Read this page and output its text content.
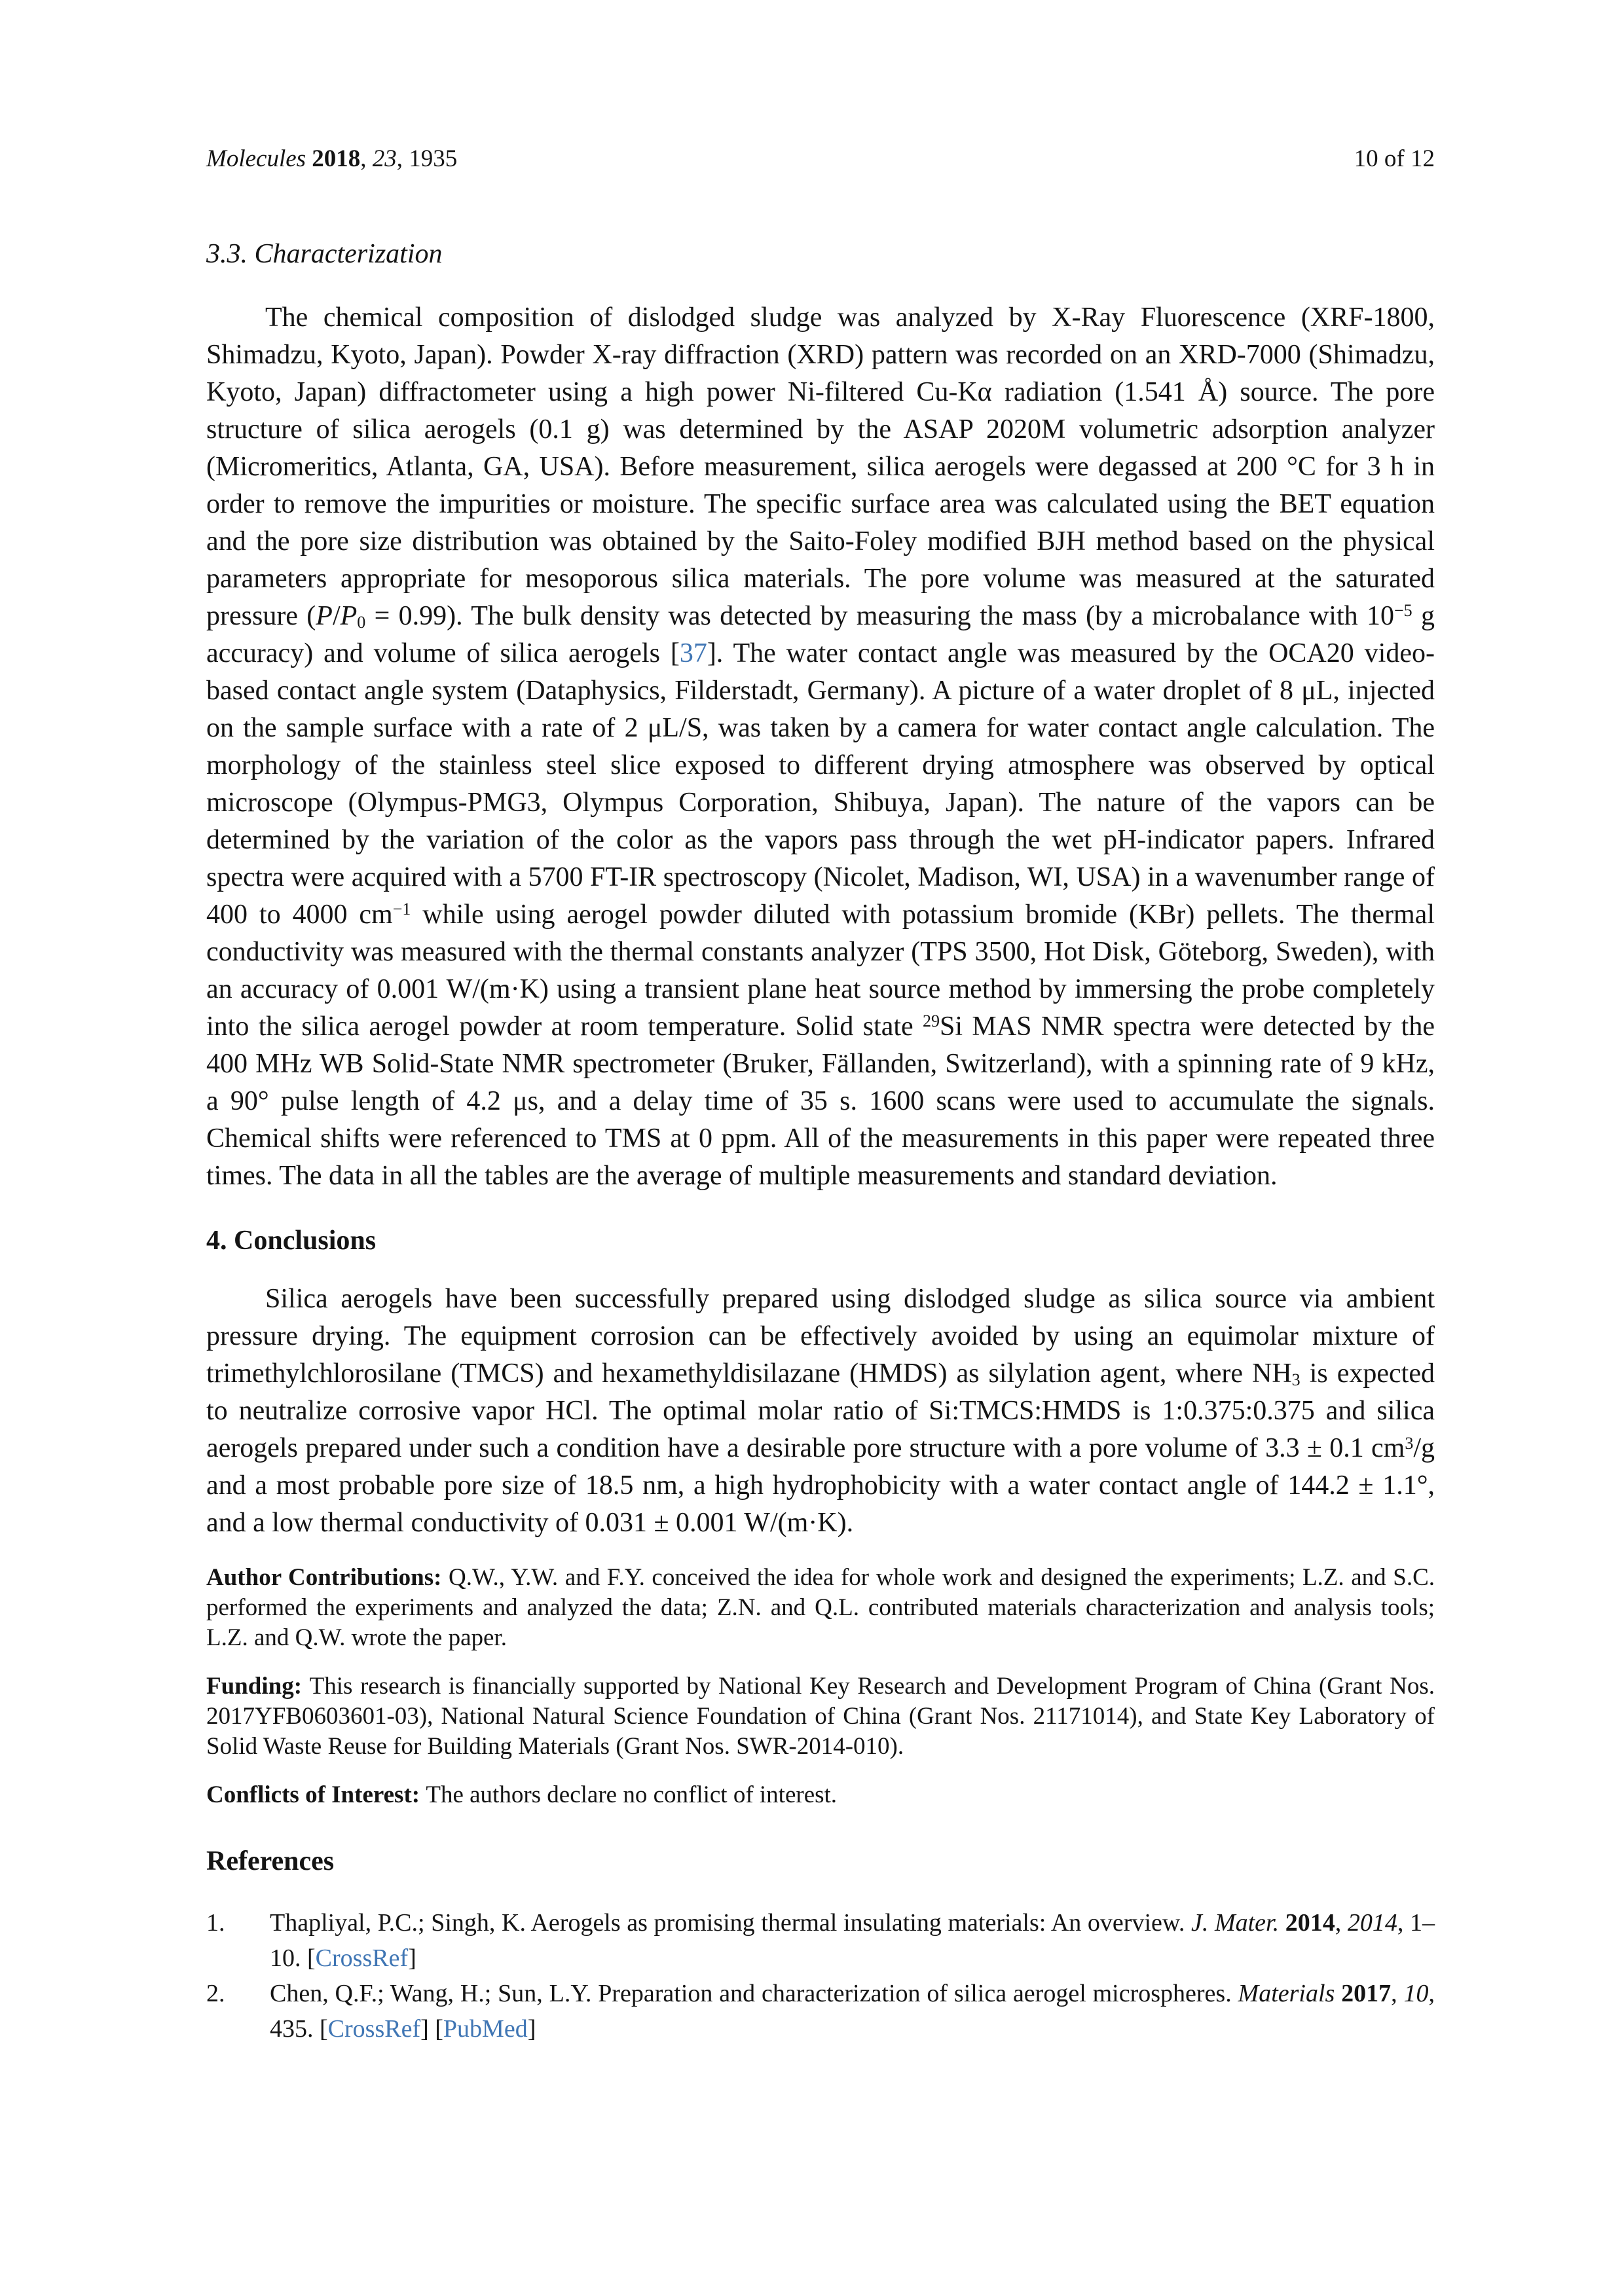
Molecules 2018, 23, 1935	10 of 12
3.3. Characterization

The chemical composition of dislodged sludge was analyzed by X-Ray Fluorescence (XRF-1800, Shimadzu, Kyoto, Japan). Powder X-ray diffraction (XRD) pattern was recorded on an XRD-7000 (Shimadzu, Kyoto, Japan) diffractometer using a high power Ni-filtered Cu-Kα radiation (1.541 Å) source. The pore structure of silica aerogels (0.1 g) was determined by the ASAP 2020M volumetric adsorption analyzer (Micromeritics, Atlanta, GA, USA). Before measurement, silica aerogels were degassed at 200 °C for 3 h in order to remove the impurities or moisture. The specific surface area was calculated using the BET equation and the pore size distribution was obtained by the Saito-Foley modified BJH method based on the physical parameters appropriate for mesoporous silica materials. The pore volume was measured at the saturated pressure (P/P0 = 0.99). The bulk density was detected by measuring the mass (by a microbalance with $10^{-5}$ g accuracy) and volume of silica aerogels [37]. The water contact angle was measured by the OCA20 video-based contact angle system (Dataphysics, Filderstadt, Germany). A picture of a water droplet of 8 μL, injected on the sample surface with a rate of 2 μL/S, was taken by a camera for water contact angle calculation. The morphology of the stainless steel slice exposed to different drying atmosphere was observed by optical microscope (Olympus-PMG3, Olympus Corporation, Shibuya, Japan). The nature of the vapors can be determined by the variation of the color as the vapors pass through the wet pH-indicator papers. Infrared spectra were acquired with a 5700 FT-IR spectroscopy (Nicolet, Madison, WI, USA) in a wavenumber range of 400 to 4000 $cm^{-1}$ while using aerogel powder diluted with potassium bromide (KBr) pellets. The thermal conductivity was measured with the thermal constants analyzer (TPS 3500, Hot Disk, Göteborg, Sweden), with an accuracy of 0.001 W/(m·K) using a transient plane heat source method by immersing the probe completely into the silica aerogel powder at room temperature. Solid state $^{29}$Si MAS NMR spectra were detected by the 400 MHz WB Solid-State NMR spectrometer (Bruker, Fällanden, Switzerland), with a spinning rate of 9 kHz, a 90° pulse length of 4.2 μs, and a delay time of 35 s. 1600 scans were used to accumulate the signals. Chemical shifts were referenced to TMS at 0 ppm. All of the measurements in this paper were repeated three times. The data in all the tables are the average of multiple measurements and standard deviation.

4. Conclusions

Silica aerogels have been successfully prepared using dislodged sludge as silica source via ambient pressure drying. The equipment corrosion can be effectively avoided by using an equimolar mixture of trimethylchlorosilane (TMCS) and hexamethyldisilazane (HMDS) as silylation agent, where NH3 is expected to neutralize corrosive vapor HCl. The optimal molar ratio of Si:TMCS:HMDS is 1:0.375:0.375 and silica aerogels prepared under such a condition have a desirable pore structure with a pore volume of 3.3 ± 0.1 $cm^3/g$ and a most probable pore size of 18.5 nm, a high hydrophobicity with a water contact angle of 144.2 ± 1.1°, and a low thermal conductivity of 0.031 ± 0.001 W/(m·K).

Author Contributions: Q.W., Y.W. and F.Y. conceived the idea for whole work and designed the experiments; L.Z. and S.C. performed the experiments and analyzed the data; Z.N. and Q.L. contributed materials characterization and analysis tools; L.Z. and Q.W. wrote the paper.

Funding: This research is financially supported by National Key Research and Development Program of China (Grant Nos. 2017YFB0603601-03), National Natural Science Foundation of China (Grant Nos. 21171014), and State Key Laboratory of Solid Waste Reuse for Building Materials (Grant Nos. SWR-2014-010).

Conflicts of Interest: The authors declare no conflict of interest.

References
1.	Thapliyal, P.C.; Singh, K. Aerogels as promising thermal insulating materials: An overview. J. Mater. 2014, 2014, 1–10. [CrossRef]
2.	Chen, Q.F.; Wang, H.; Sun, L.Y. Preparation and characterization of silica aerogel microspheres. Materials 2017, 10, 435. [CrossRef] [PubMed]
